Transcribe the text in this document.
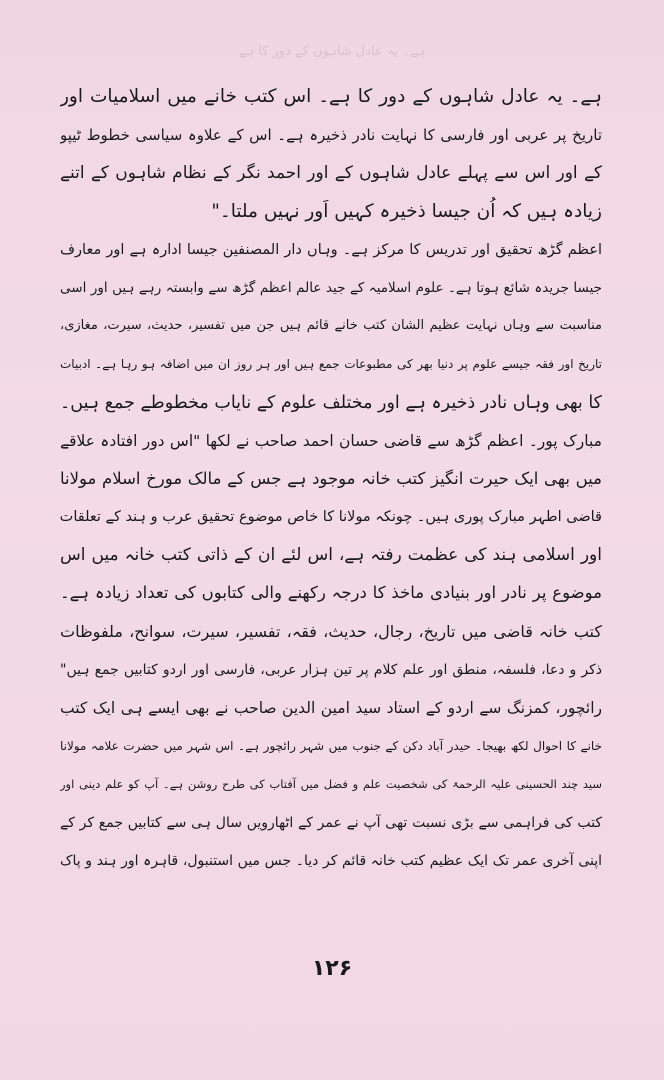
ہے۔ یہ عادل شاہوں کے دور کا ہے
ہے۔ یہ عادل شاہوں کے دور کا ہے۔ اس کتب خانے میں اسلامیات اور
تاریخ پر عربی اور فارسی کا نہایت نادر ذخیرہ ہے۔ اس کے علاوہ سیاسی خطوط ٹیپو
کے اور اس سے پہلے عادل شاہوں کے اور احمد نگر کے نظام شاہوں کے اتنے
زیادہ ہیں کہ اُن جیسا ذخیرہ کہیں اَور نہیں ملتا۔"
اعظم گڑھ تحقیق اور تدریس کا مرکز ہے۔ وہاں دار المصنفین جیسا ادارہ ہے اور معارف
جیسا جریدہ شائع ہوتا ہے۔ علوم اسلامیہ کے جید عالم اعظم گڑھ سے وابستہ رہے ہیں اور اسی
مناسبت سے وہاں نہایت عظیم الشان کتب خانے قائم ہیں جن میں تفسیر، حدیث، سیرت، مغازی،
تاریخ اور فقہ جیسے علوم پر دنیا بھر کی مطبوعات جمع ہیں اور ہر روز ان میں اضافہ ہو رہا ہے۔ ادبیات
کا بھی وہاں نادر ذخیرہ ہے اور مختلف علوم کے نایاب مخطوطے جمع ہیں۔
مبارک پور۔ اعظم گڑھ سے قاضی حسان احمد صاحب نے لکھا "اس دور افتادہ علاقے
میں بھی ایک حیرت انگیز کتب خانہ موجود ہے جس کے مالک مورخ اسلام مولانا
قاضی اطہر مبارک پوری ہیں۔ چونکہ مولانا کا خاص موضوع تحقیق عرب و ہند کے تعلقات
اور اسلامی ہند کی عظمت رفتہ ہے، اس لئے ان کے ذاتی کتب خانہ میں اس
موضوع پر نادر اور بنیادی ماخذ کا درجہ رکھنے والی کتابوں کی تعداد زیادہ ہے۔
کتب خانہ قاضی میں تاریخ، رجال، حدیث، فقہ، تفسیر، سیرت، سوانح، ملفوظات
ذکر و دعا، فلسفہ، منطق اور علم کلام پر تین ہزار عربی، فارسی اور اردو کتابیں جمع ہیں"
رائچور، کمزنگ سے اردو کے استاد سید امین الدین صاحب نے بھی ایسے ہی ایک کتب
خانے کا احوال لکھ بھیجا۔ حیدر آباد دکن کے جنوب میں شہر رائچور ہے۔ اس شہر میں حضرت علامہ مولانا
سید چند الحسینی علیہ الرحمۃ کی شخصیت علم و فضل میں آفتاب کی طرح روشن ہے۔ آپ کو علم دینی اور
کتب کی فراہمی سے بڑی نسبت تھی آپ نے عمر کے اٹھارویں سال ہی سے کتابیں جمع کر کے
اپنی آخری عمر تک ایک عظیم کتب خانہ قائم کر دیا۔ جس میں استنبول، قاہرہ اور ہند و پاک
۱۲۶
